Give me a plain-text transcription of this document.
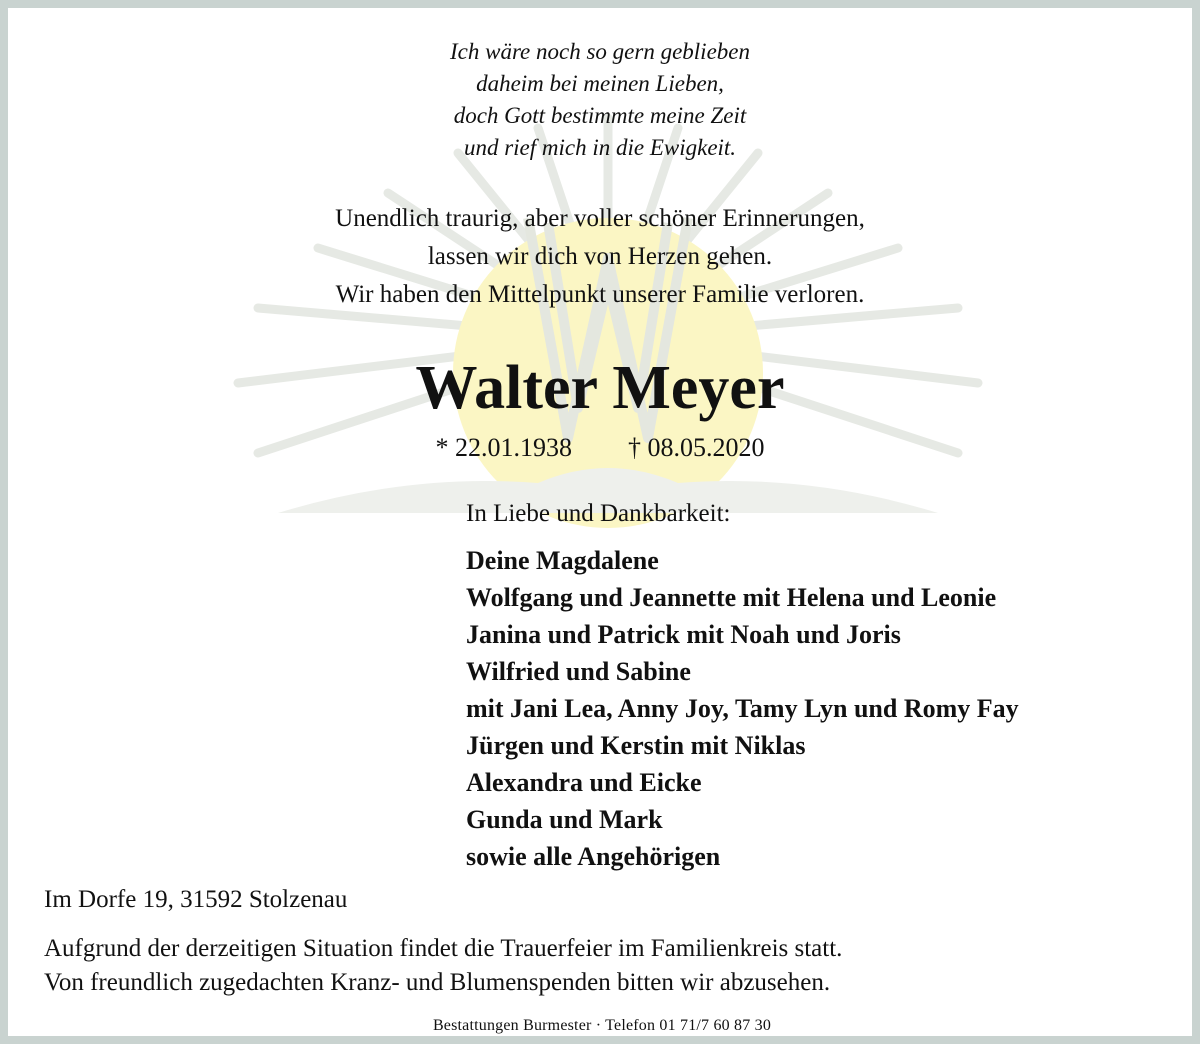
Ich wäre noch so gern geblieben
daheim bei meinen Lieben,
doch Gott bestimmte meine Zeit
und rief mich in die Ewigkeit.
Unendlich traurig, aber voller schöner Erinnerungen,
lassen wir dich von Herzen gehen.
Wir haben den Mittelpunkt unserer Familie verloren.
Walter Meyer
* 22.01.1938 † 08.05.2020
In Liebe und Dankbarkeit:
Deine Magdalene
Wolfgang und Jeannette mit Helena und Leonie
Janina und Patrick mit Noah und Joris
Wilfried und Sabine
mit Jani Lea, Anny Joy, Tamy Lyn und Romy Fay
Jürgen und Kerstin mit Niklas
Alexandra und Eicke
Gunda und Mark
sowie alle Angehörigen
Im Dorfe 19, 31592 Stolzenau
Aufgrund der derzeitigen Situation findet die Trauerfeier im Familienkreis statt.
Von freundlich zugedachten Kranz- und Blumenspenden bitten wir abzusehen.
Bestattungen Burmester · Telefon 01 71/7 60 87 30
